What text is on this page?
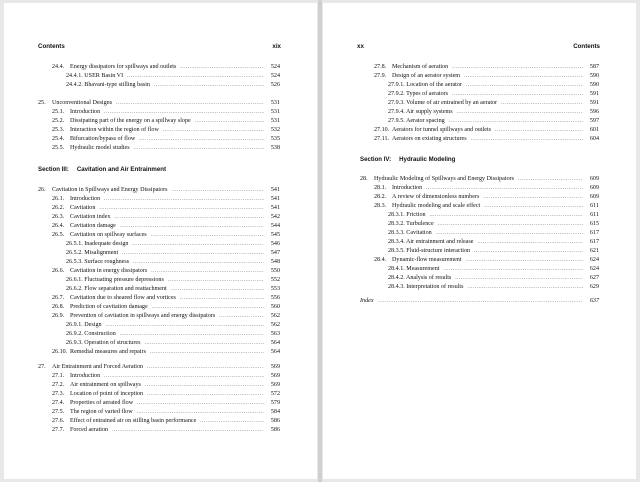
Contents	xix
Section III: Cavitation and Air Entrainment
24.4. Energy dissipators for spillways and outlets .....	524
24.4.1. USER Basin VI .....	524
24.4.2. Bhavani-type stilling basin .....	526
25.	Unconventional Designs .....	531
25.1. Introduction .....	531
25.2. Dissipating part of the energy on a spillway slope .....	531
25.3. Interaction within the region of flow .....	532
25.4. Bifurcation/bypass of flow .....	535
25.5. Hydraulic model studies .....	538
26.	Cavitation in Spillways and Energy Dissipators .....	541
26.1. Introduction .....	541
26.2. Cavitation .....	541
26.3. Cavitation index .....	542
26.4. Cavitation damage .....	544
26.5. Cavitation on spillway surfaces .....	545
26.5.1. Inadequate design .....	546
26.5.2. Misalignment .....	547
26.5.3. Surface roughness .....	548
26.6. Cavitation in energy dissipators .....	550
26.6.1. Fluctuating pressure depressions .....	552
26.6.2. Flow separation and reattachment .....	553
26.7. Cavitation due to sheared flow and vortices .....	556
26.8. Prediction of cavitation damage .....	560
26.9. Prevention of cavitation in spillways and energy dissipators .....	562
26.9.1. Design .....	562
26.9.2. Construction .....	563
26.9.3. Operation of structures .....	564
26.10. Remedial measures and repairs .....	564
27.	Air Entrainment and Forced Aeration .....	569
27.1. Introduction .....	569
27.2. Air entrainment on spillways .....	569
27.3. Location of point of inception .....	572
27.4. Properties of aerated flow .....	579
27.5. The region of varied flow .....	584
27.6. Effect of entrained air on stilling basin performance .....	586
27.7. Forced aeration .....	586
xx	Contents
Section IV: Hydraulic Modeling
27.8. Mechanism of aeration .....	587
27.9. Design of an aerator system .....	590
27.9.1. Location of the aerator .....	590
27.9.2. Types of aerators .....	591
27.9.3. Volume of air entrained by an aerator .....	591
27.9.4. Air supply systems .....	596
27.9.5. Aerator spacing .....	597
27.10. Aerators for tunnel spillways and outlets .....	601
27.11. Aerators on existing structures .....	604
28.	Hydraulic Modeling of Spillways and Energy Dissipators .....	609
28.1. Introduction .....	609
28.2. A review of dimensionless numbers .....	609
28.3. Hydraulic modeling and scale effect .....	611
28.3.1. Friction .....	611
28.3.2. Turbulence .....	615
28.3.3. Cavitation .....	617
28.3.4. Air entrainment and release .....	617
28.3.5. Fluid-structure interaction .....	621
28.4. Dynamic-flow measurement .....	624
28.4.1. Measurement .....	624
28.4.2. Analysis of results .....	627
28.4.3. Interpretation of results .....	629
Index .....	637
